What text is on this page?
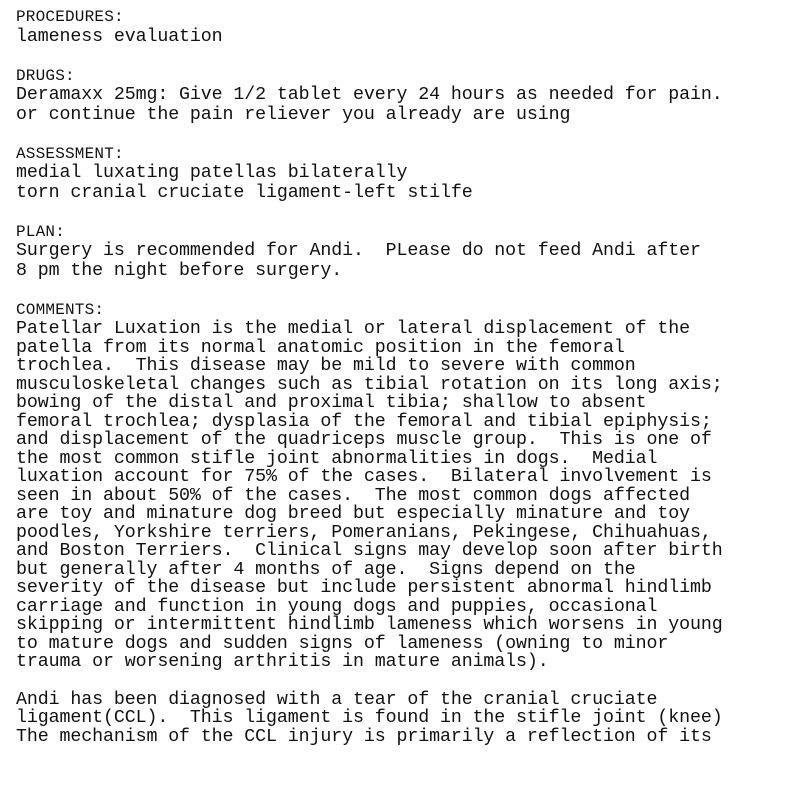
PROCEDURES:
lameness evaluation
DRUGS:
Deramaxx 25mg: Give 1/2 tablet every 24 hours as needed for pain.
or continue the pain reliever you already are using
ASSESSMENT:
medial luxating patellas bilaterally
torn cranial cruciate ligament-left stilfe
PLAN:
Surgery is recommended for Andi.  PLease do not feed Andi after
8 pm the night before surgery.
COMMENTS:
Patellar Luxation is the medial or lateral displacement of the
patella from its normal anatomic position in the femoral
trochlea.  This disease may be mild to severe with common
musculoskeletal changes such as tibial rotation on its long axis;
bowing of the distal and proximal tibia; shallow to absent
femoral trochlea; dysplasia of the femoral and tibial epiphysis;
and displacement of the quadriceps muscle group.  This is one of
the most common stifle joint abnormalities in dogs.  Medial
luxation account for 75% of the cases.  Bilateral involvement is
seen in about 50% of the cases.  The most common dogs affected
are toy and minature dog breed but especially minature and toy
poodles, Yorkshire terriers, Pomeranians, Pekingese, Chihuahuas,
and Boston Terriers.  Clinical signs may develop soon after birth
but generally after 4 months of age.  Signs depend on the
severity of the disease but include persistent abnormal hindlimb
carriage and function in young dogs and puppies, occasional
skipping or intermittent hindlimb lameness which worsens in young
to mature dogs and sudden signs of lameness (owning to minor
trauma or worsening arthritis in mature animals).
Andi has been diagnosed with a tear of the cranial cruciate
ligament(CCL).  This ligament is found in the stifle joint (knee)
The mechanism of the CCL injury is primarily a reflection of its
